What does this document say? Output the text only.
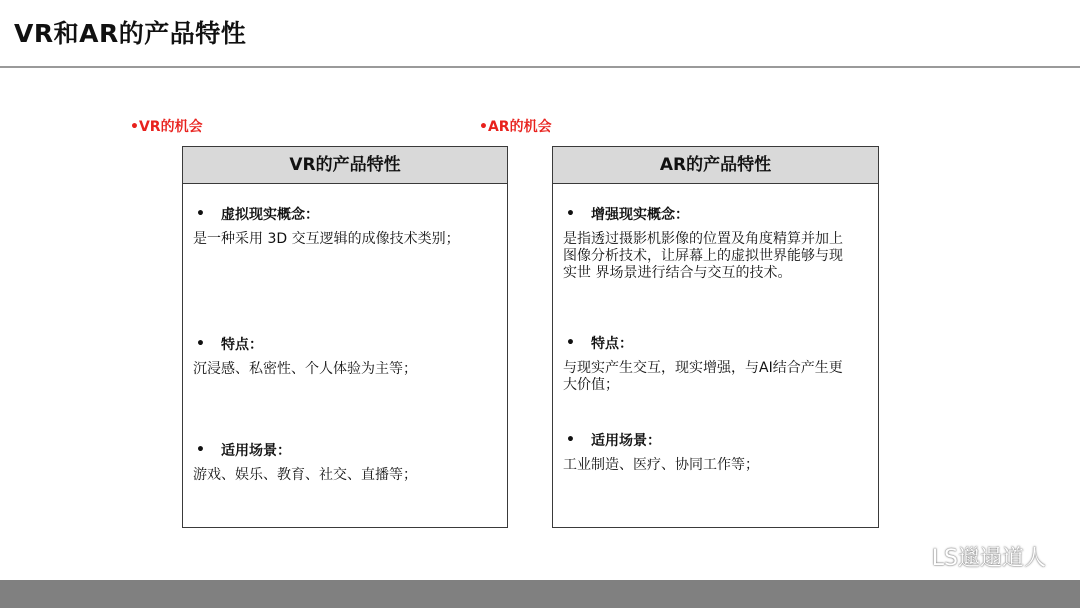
VR和AR的产品特性
•VR的机会
VR的产品特性
•	虚拟现实概念：
是一种采用 3D 交互逻辑的成像技术类别；
•	特点：
沉浸感、私密性、个人体验为主等；
•	适用场景：
游戏、娱乐、教育、社交、直播等；
•AR的机会
AR的产品特性
•	增强现实概念：
是指透过摄影机影像的位置及角度精算并加上图像分析技术，让屏幕上的虚拟世界能够与现实世 界场景进行结合与交互的技术。
•	特点：
与现实产生交互，现实增强，与AI结合产生更大价值；
•	适用场景：
工业制造、医疗、协同工作等；
LS邋遢道人
